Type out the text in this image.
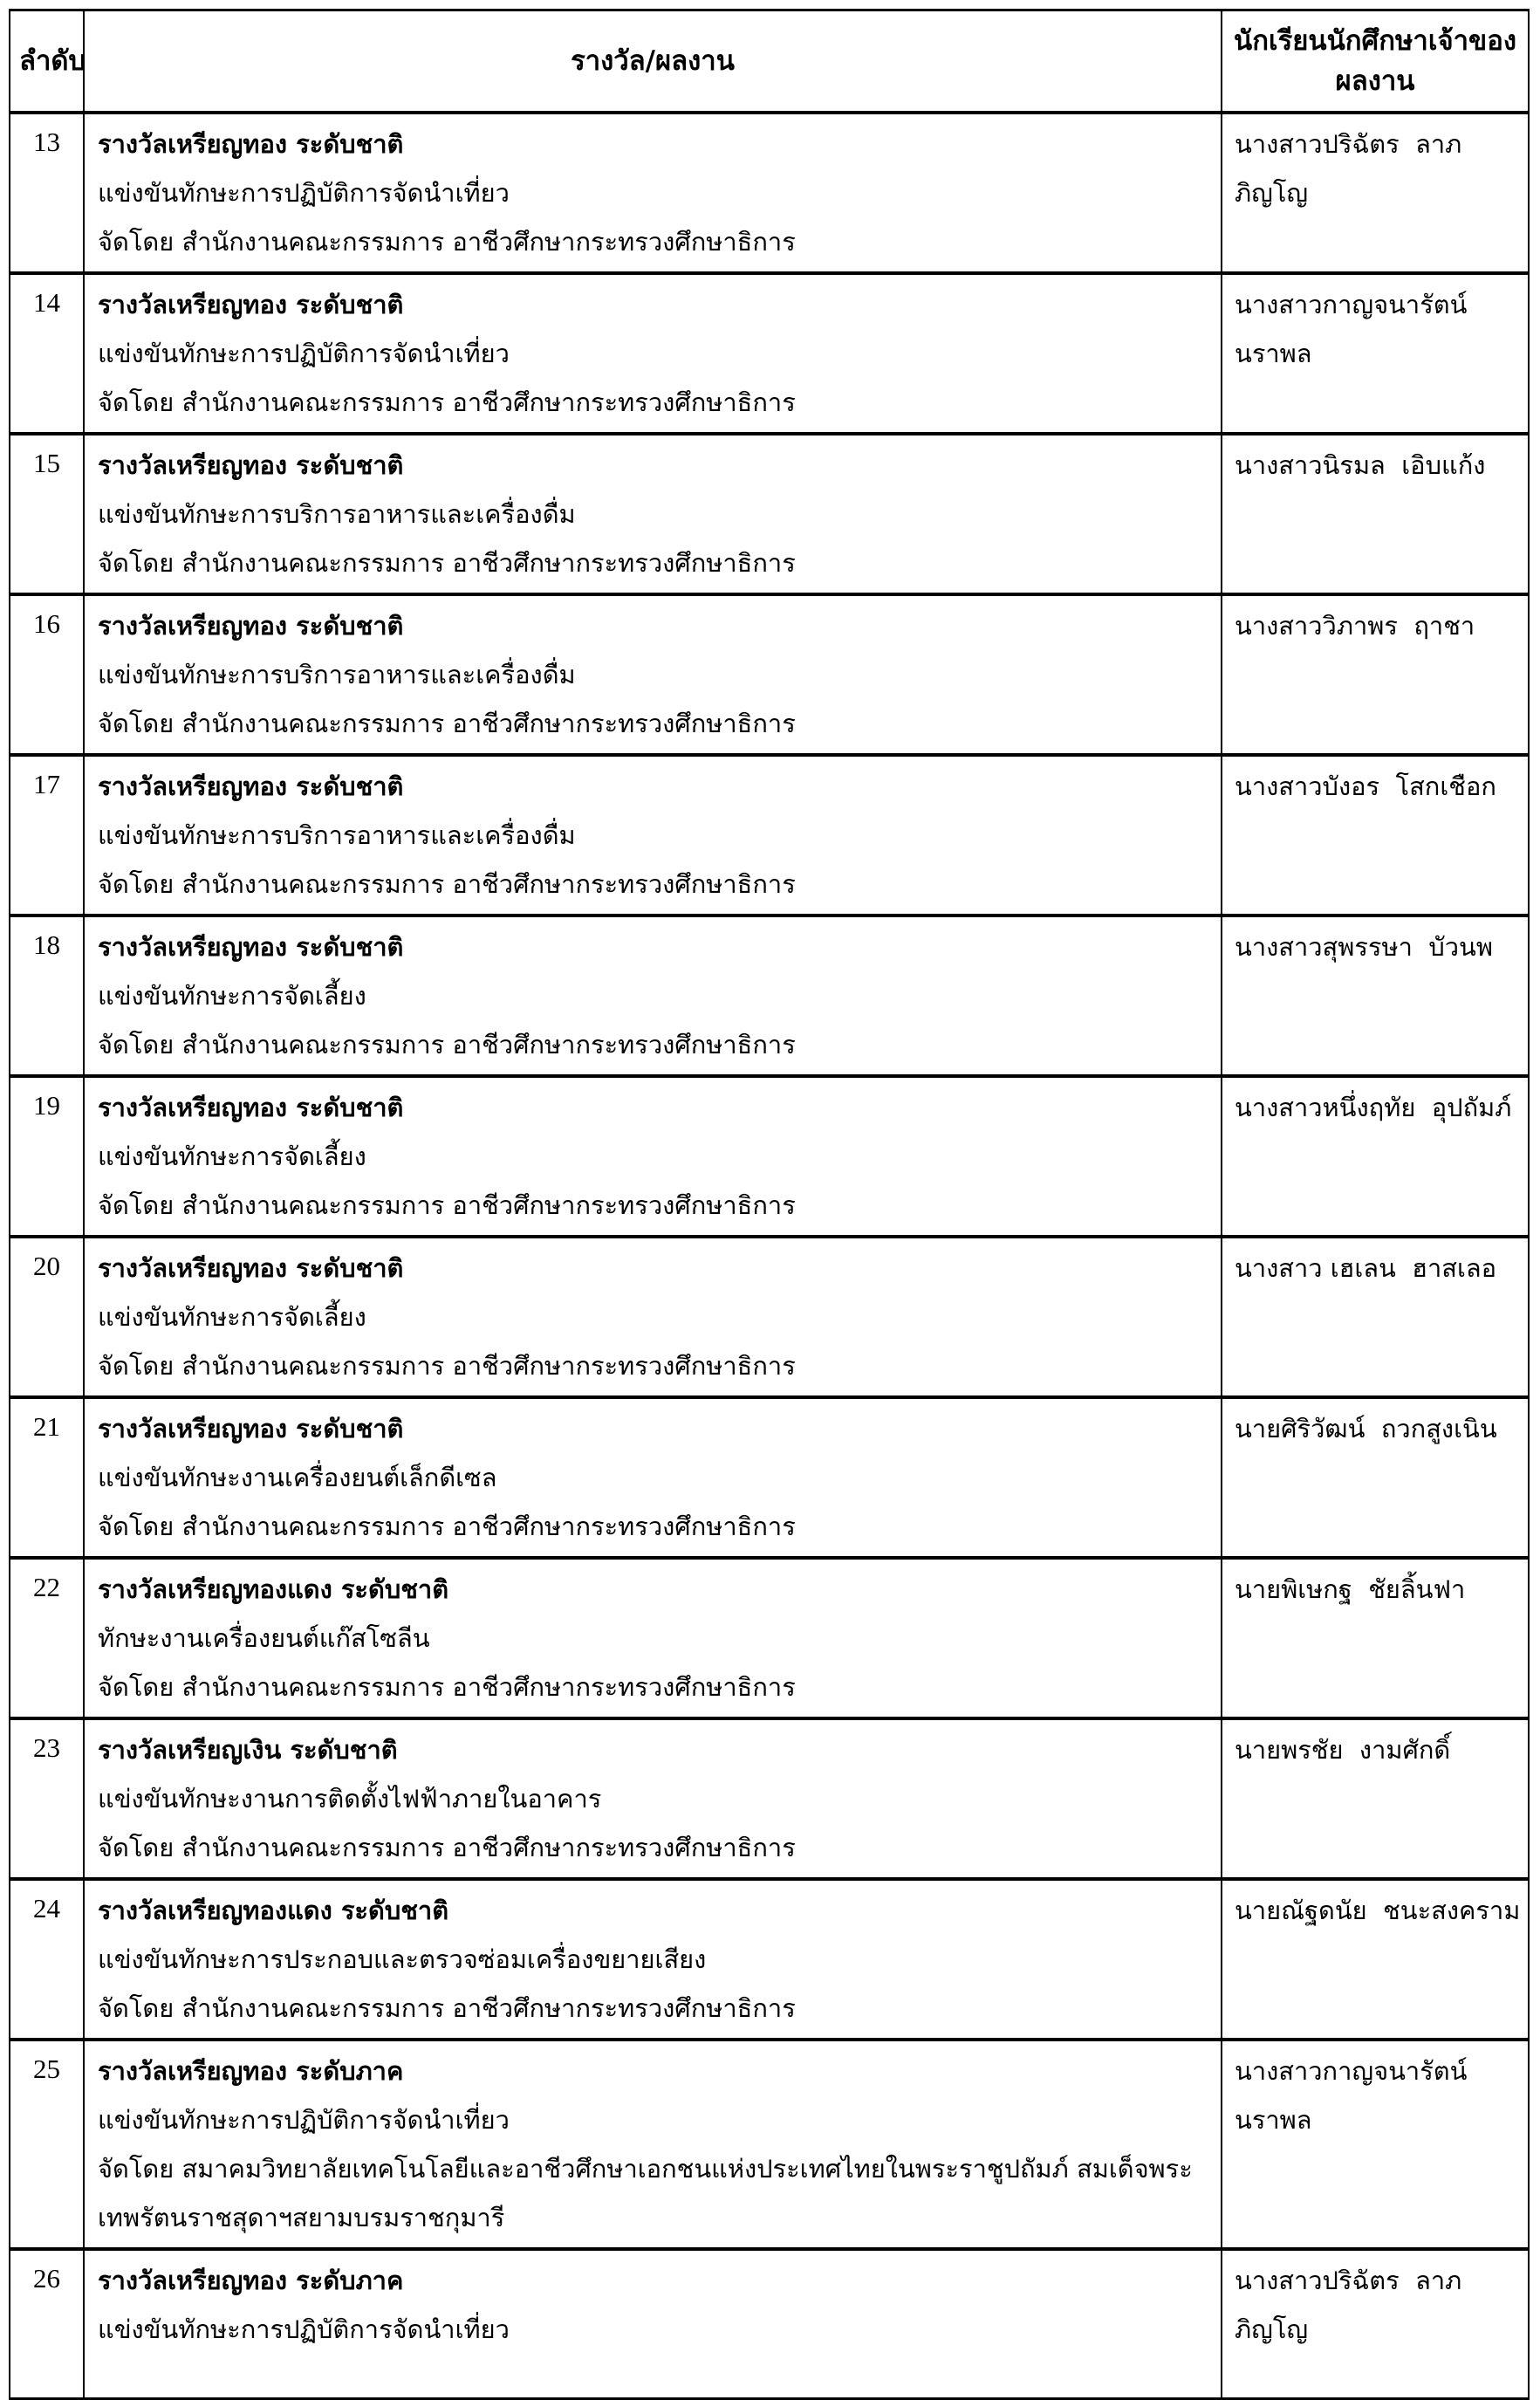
ลำดับ	รางวัล/ผลงาน	นักเรียนนักศึกษาเจ้าของผลงาน
13	รางวัลเหรียญทอง ระดับชาติ
แข่งขันทักษะการปฏิบัติการจัดนำเที่ยว
จัดโดย สำนักงานคณะกรรมการ อาชีวศึกษากระทรวงศึกษาธิการ	นางสาวปริฉัตร  ลาภภิญโญ
14	รางวัลเหรียญทอง ระดับชาติ
แข่งขันทักษะการปฏิบัติการจัดนำเที่ยว
จัดโดย สำนักงานคณะกรรมการ อาชีวศึกษากระทรวงศึกษาธิการ	นางสาวกาญจนารัตน์  นราพล
15	รางวัลเหรียญทอง ระดับชาติ
แข่งขันทักษะการบริการอาหารและเครื่องดื่ม
จัดโดย สำนักงานคณะกรรมการ อาชีวศึกษากระทรวงศึกษาธิการ	นางสาวนิรมล  เอิบแก้ง
16	รางวัลเหรียญทอง ระดับชาติ
แข่งขันทักษะการบริการอาหารและเครื่องดื่ม
จัดโดย สำนักงานคณะกรรมการ อาชีวศึกษากระทรวงศึกษาธิการ	นางสาววิภาพร  ฤาชา
17	รางวัลเหรียญทอง ระดับชาติ
แข่งขันทักษะการบริการอาหารและเครื่องดื่ม
จัดโดย สำนักงานคณะกรรมการ อาชีวศึกษากระทรวงศึกษาธิการ	นางสาวบังอร  โสกเชือก
18	รางวัลเหรียญทอง ระดับชาติ
แข่งขันทักษะการจัดเลี้ยง
จัดโดย สำนักงานคณะกรรมการ อาชีวศึกษากระทรวงศึกษาธิการ	นางสาวสุพรรษา  บัวนพ
19	รางวัลเหรียญทอง ระดับชาติ
แข่งขันทักษะการจัดเลี้ยง
จัดโดย สำนักงานคณะกรรมการ อาชีวศึกษากระทรวงศึกษาธิการ	นางสาวหนึ่งฤทัย  อุปถัมภ์
20	รางวัลเหรียญทอง ระดับชาติ
แข่งขันทักษะการจัดเลี้ยง
จัดโดย สำนักงานคณะกรรมการ อาชีวศึกษากระทรวงศึกษาธิการ	นางสาว เฮเลน  ฮาสเลอ
21	รางวัลเหรียญทอง ระดับชาติ
แข่งขันทักษะงานเครื่องยนต์เล็กดีเซล
จัดโดย สำนักงานคณะกรรมการ อาชีวศึกษากระทรวงศึกษาธิการ	นายศิริวัฒน์  ถวกสูงเนิน
22	รางวัลเหรียญทองแดง ระดับชาติ
ทักษะงานเครื่องยนต์แก๊สโซลีน
จัดโดย สำนักงานคณะกรรมการ อาชีวศึกษากระทรวงศึกษาธิการ	นายพิเษกฐ  ชัยลิ้นฟา
23	รางวัลเหรียญเงิน ระดับชาติ
แข่งขันทักษะงานการติดตั้งไฟฟ้าภายในอาคาร
จัดโดย สำนักงานคณะกรรมการ อาชีวศึกษากระทรวงศึกษาธิการ	นายพรชัย  งามศักดิ์
24	รางวัลเหรียญทองแดง ระดับชาติ
แข่งขันทักษะการประกอบและตรวจซ่อมเครื่องขยายเสียง
จัดโดย สำนักงานคณะกรรมการ อาชีวศึกษากระทรวงศึกษาธิการ	นายณัฐดนัย  ชนะสงคราม
25	รางวัลเหรียญทอง ระดับภาค
แข่งขันทักษะการปฏิบัติการจัดนำเที่ยว
จัดโดย สมาคมวิทยาลัยเทคโนโลยีและอาชีวศึกษาเอกชนแห่งประเทศไทยในพระราชูปถัมภ์ สมเด็จพระเทพรัตนราชสุดาฯสยามบรมราชกุมารี	นางสาวกาญจนารัตน์  นราพล
26	รางวัลเหรียญทอง ระดับภาค
แข่งขันทักษะการปฏิบัติการจัดนำเที่ยว	นางสาวปริฉัตร  ลาภภิญโญ
